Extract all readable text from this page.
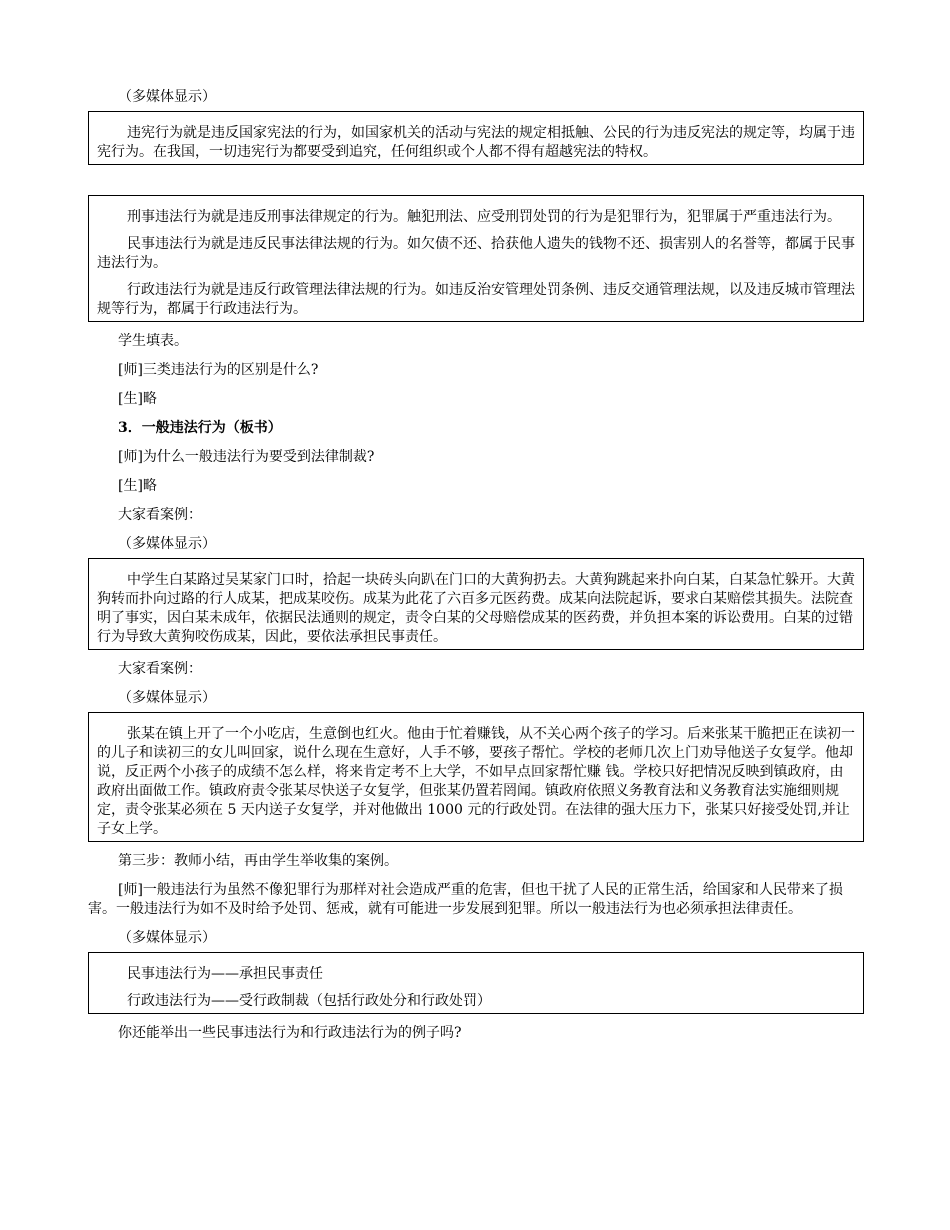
（多媒体显示）

违宪行为就是违反国家宪法的行为，如国家机关的活动与宪法的规定相抵触、公民的行为违反宪法的规定等，均属于违宪行为。在我国，一切违宪行为都要受到追究，任何组织或个人都不得有超越宪法的特权。

刑事违法行为就是违反刑事法律规定的行为。触犯刑法、应受刑罚处罚的行为是犯罪行为，犯罪属于严重违法行为。

民事违法行为就是违反民事法律法规的行为。如欠债不还、拾获他人遗失的钱物不还、损害别人的名誉等，都属于民事违法行为。

行政违法行为就是违反行政管理法律法规的行为。如违反治安管理处罚条例、违反交通管理法规，以及违反城市管理法规等行为，都属于行政违法行为。

学生填表。

[师]三类违法行为的区别是什么?

[生]略

3．一般违法行为（板书）

[师]为什么一般违法行为要受到法律制裁?

[生]略

大家看案例：

（多媒体显示）

中学生白某路过吴某家门口时，拾起一块砖头向趴在门口的大黄狗扔去。大黄狗跳起来扑向白某，白某急忙躲开。大黄狗转而扑向过路的行人成某，把成某咬伤。成某为此花了六百多元医药费。成某向法院起诉，要求白某赔偿其损失。法院查明了事实，因白某未成年，依据民法通则的规定，责令白某的父母赔偿成某的医药费，并负担本案的诉讼费用。白某的过错行为导致大黄狗咬伤成某，因此，要依法承担民事责任。

大家看案例：

（多媒体显示）

张某在镇上开了一个小吃店，生意倒也红火。他由于忙着赚钱，从不关心两个孩子的学习。后来张某干脆把正在读初一的儿子和读初三的女儿叫回家，说什么现在生意好，人手不够，要孩子帮忙。学校的老师几次上门劝导他送子女复学。他却说，反正两个小孩子的成绩不怎么样，将来肯定考不上大学，不如早点回家帮忙赚 钱。学校只好把情况反映到镇政府，由政府出面做工作。镇政府责令张某尽快送子女复学，但张某仍置若罔闻。镇政府依照义务教育法和义务教育法实施细则规定，责令张某必须在 5 天内送子女复学，并对他做出 1000 元的行政处罚。在法律的强大压力下，张某只好接受处罚,并让子女上学。

第三步：教师小结，再由学生举收集的案例。

[师]一般违法行为虽然不像犯罪行为那样对社会造成严重的危害，但也干扰了人民的正常生活，给国家和人民带来了损害。一般违法行为如不及时给予处罚、惩戒，就有可能进一步发展到犯罪。所以一般违法行为也必须承担法律责任。

（多媒体显示）

民事违法行为——承担民事责任

行政违法行为——受行政制裁（包括行政处分和行政处罚）

你还能举出一些民事违法行为和行政违法行为的例子吗?
